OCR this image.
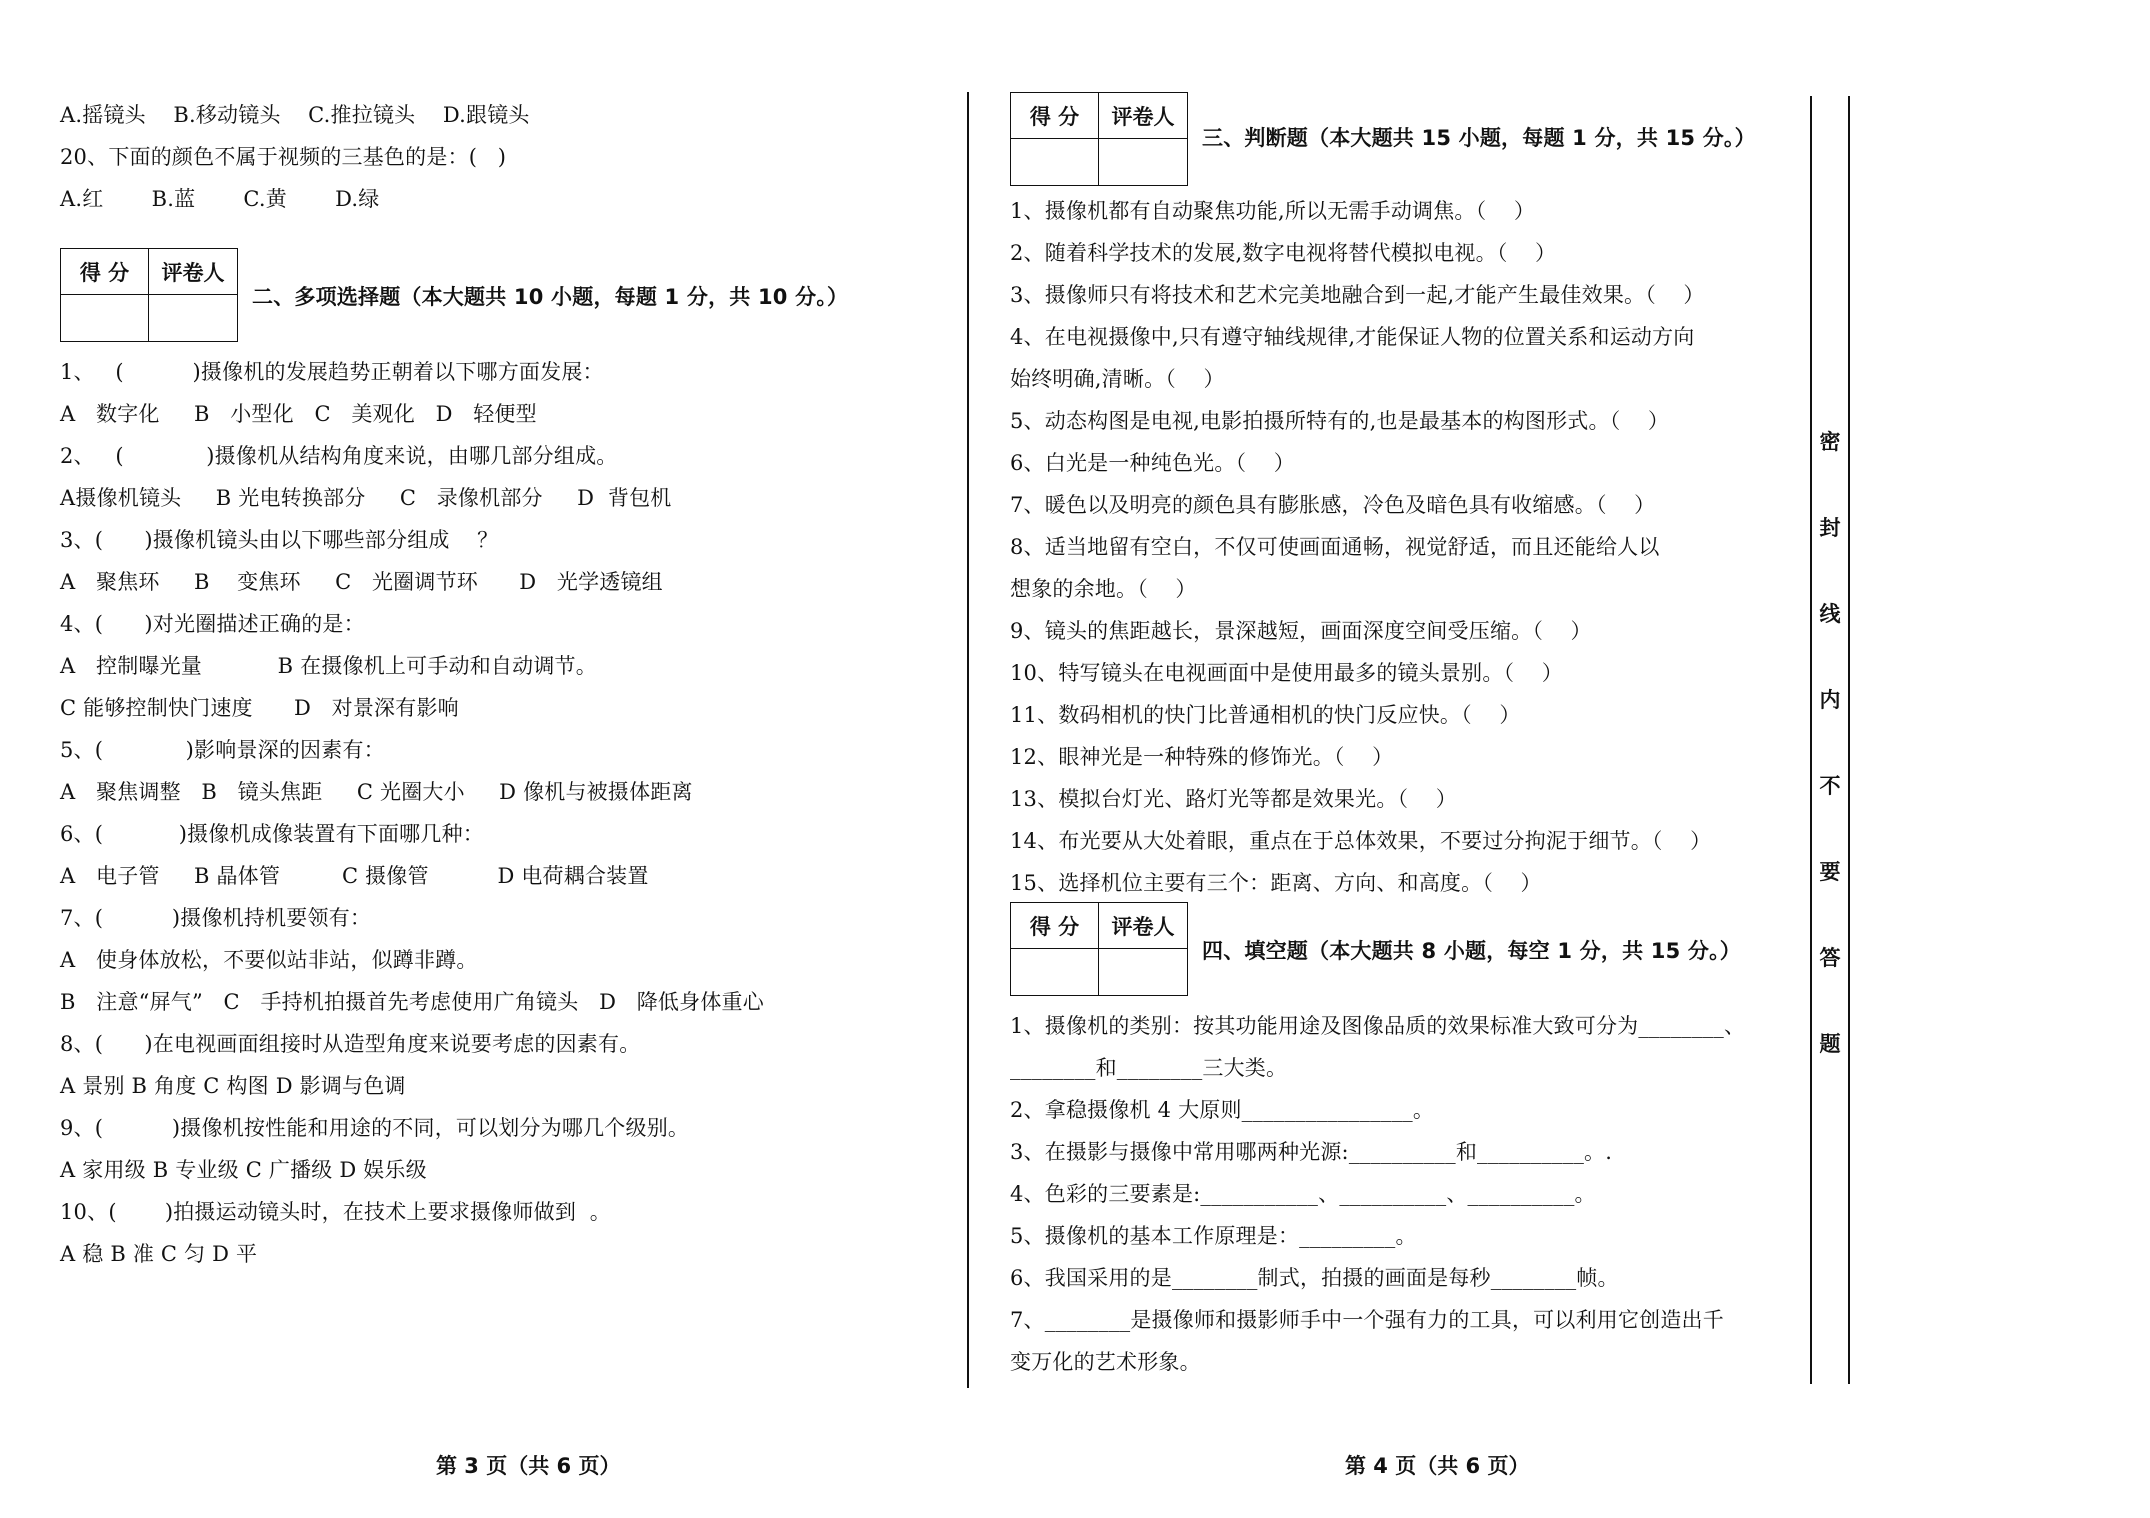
A.摇镜头    B.移动镜头    C.推拉镜头    D.跟镜头
20、下面的颜色不属于视频的三基色的是：(   )
A.红       B.蓝       C.黄       D.绿
得 分	评卷人
二、多项选择题（本大题共 10 小题，每题 1 分，共 10 分。）
1、   (          )摄像机的发展趋势正朝着以下哪方面发展：
A   数字化     B   小型化   C   美观化   D   轻便型
2、   (            )摄像机从结构角度来说，由哪几部分组成。
A摄像机镜头     B 光电转换部分     C   录像机部分     D  背包机
3、(      )摄像机镜头由以下哪些部分组成    ？
A   聚焦环     B    变焦环     C   光圈调节环      D   光学透镜组
4、(      )对光圈描述正确的是：
A   控制曝光量           B 在摄像机上可手动和自动调节。
C 能够控制快门速度      D   对景深有影响
5、(            )影响景深的因素有：
A   聚焦调整   B   镜头焦距     C 光圈大小     D 像机与被摄体距离
6、(           )摄像机成像装置有下面哪几种：
A   电子管     B 晶体管         C 摄像管          D 电荷耦合装置
7、(          )摄像机持机要领有：
A   使身体放松，不要似站非站，似蹲非蹲。
B   注意“屏气”   C   手持机拍摄首先考虑使用广角镜头   D   降低身体重心
8、(      )在电视画面组接时从造型角度来说要考虑的因素有。
A 景别 B 角度 C 构图 D 影调与色调
9、(          )摄像机按性能和用途的不同，可以划分为哪几个级别。
A 家用级 B 专业级 C 广播级 D 娱乐级
10、(       )拍摄运动镜头时，在技术上要求摄像师做到  。
A 稳 B 准 C 匀 D 平
第 3 页（共 6 页）
得 分	评卷人
三、判断题（本大题共 15 小题，每题 1 分，共 15 分。）
1、摄像机都有自动聚焦功能,所以无需手动调焦。（    ）
2、随着科学技术的发展,数字电视将替代模拟电视。（    ）
3、摄像师只有将技术和艺术完美地融合到一起,才能产生最佳效果。（    ）
4、在电视摄像中,只有遵守轴线规律,才能保证人物的位置关系和运动方向
始终明确,清晰。（    ）
5、动态构图是电视,电影拍摄所特有的,也是最基本的构图形式。（    ）
6、白光是一种纯色光。（    ）
7、暖色以及明亮的颜色具有膨胀感，冷色及暗色具有收缩感。（    ）
8、适当地留有空白，不仅可使画面通畅，视觉舒适，而且还能给人以
想象的余地。（    ）
9、镜头的焦距越长，景深越短，画面深度空间受压缩。（    ）
10、特写镜头在电视画面中是使用最多的镜头景别。（    ）
11、数码相机的快门比普通相机的快门反应快。（    ）
12、眼神光是一种特殊的修饰光。（    ）
13、模拟台灯光、路灯光等都是效果光。（    ）
14、布光要从大处着眼，重点在于总体效果，不要过分拘泥于细节。（    ）
15、选择机位主要有三个：距离、方向、和高度。（    ）
得 分	评卷人
四、填空题（本大题共 8 小题，每空 1 分，共 15 分。）
1、摄像机的类别：按其功能用途及图像品质的效果标准大致可分为________、
________和________三大类。
2、拿稳摄像机 4 大原则________________。
3、在摄影与摄像中常用哪两种光源:__________和__________。.
4、色彩的三要素是:___________、__________、__________。
5、摄像机的基本工作原理是：_________。
6、我国采用的是________制式，拍摄的画面是每秒________帧。
7、________是摄像师和摄影师手中一个强有力的工具，可以利用它创造出千
变万化的艺术形象。
第 4 页（共 6 页）
密
封
线
内
不
要
答
题
